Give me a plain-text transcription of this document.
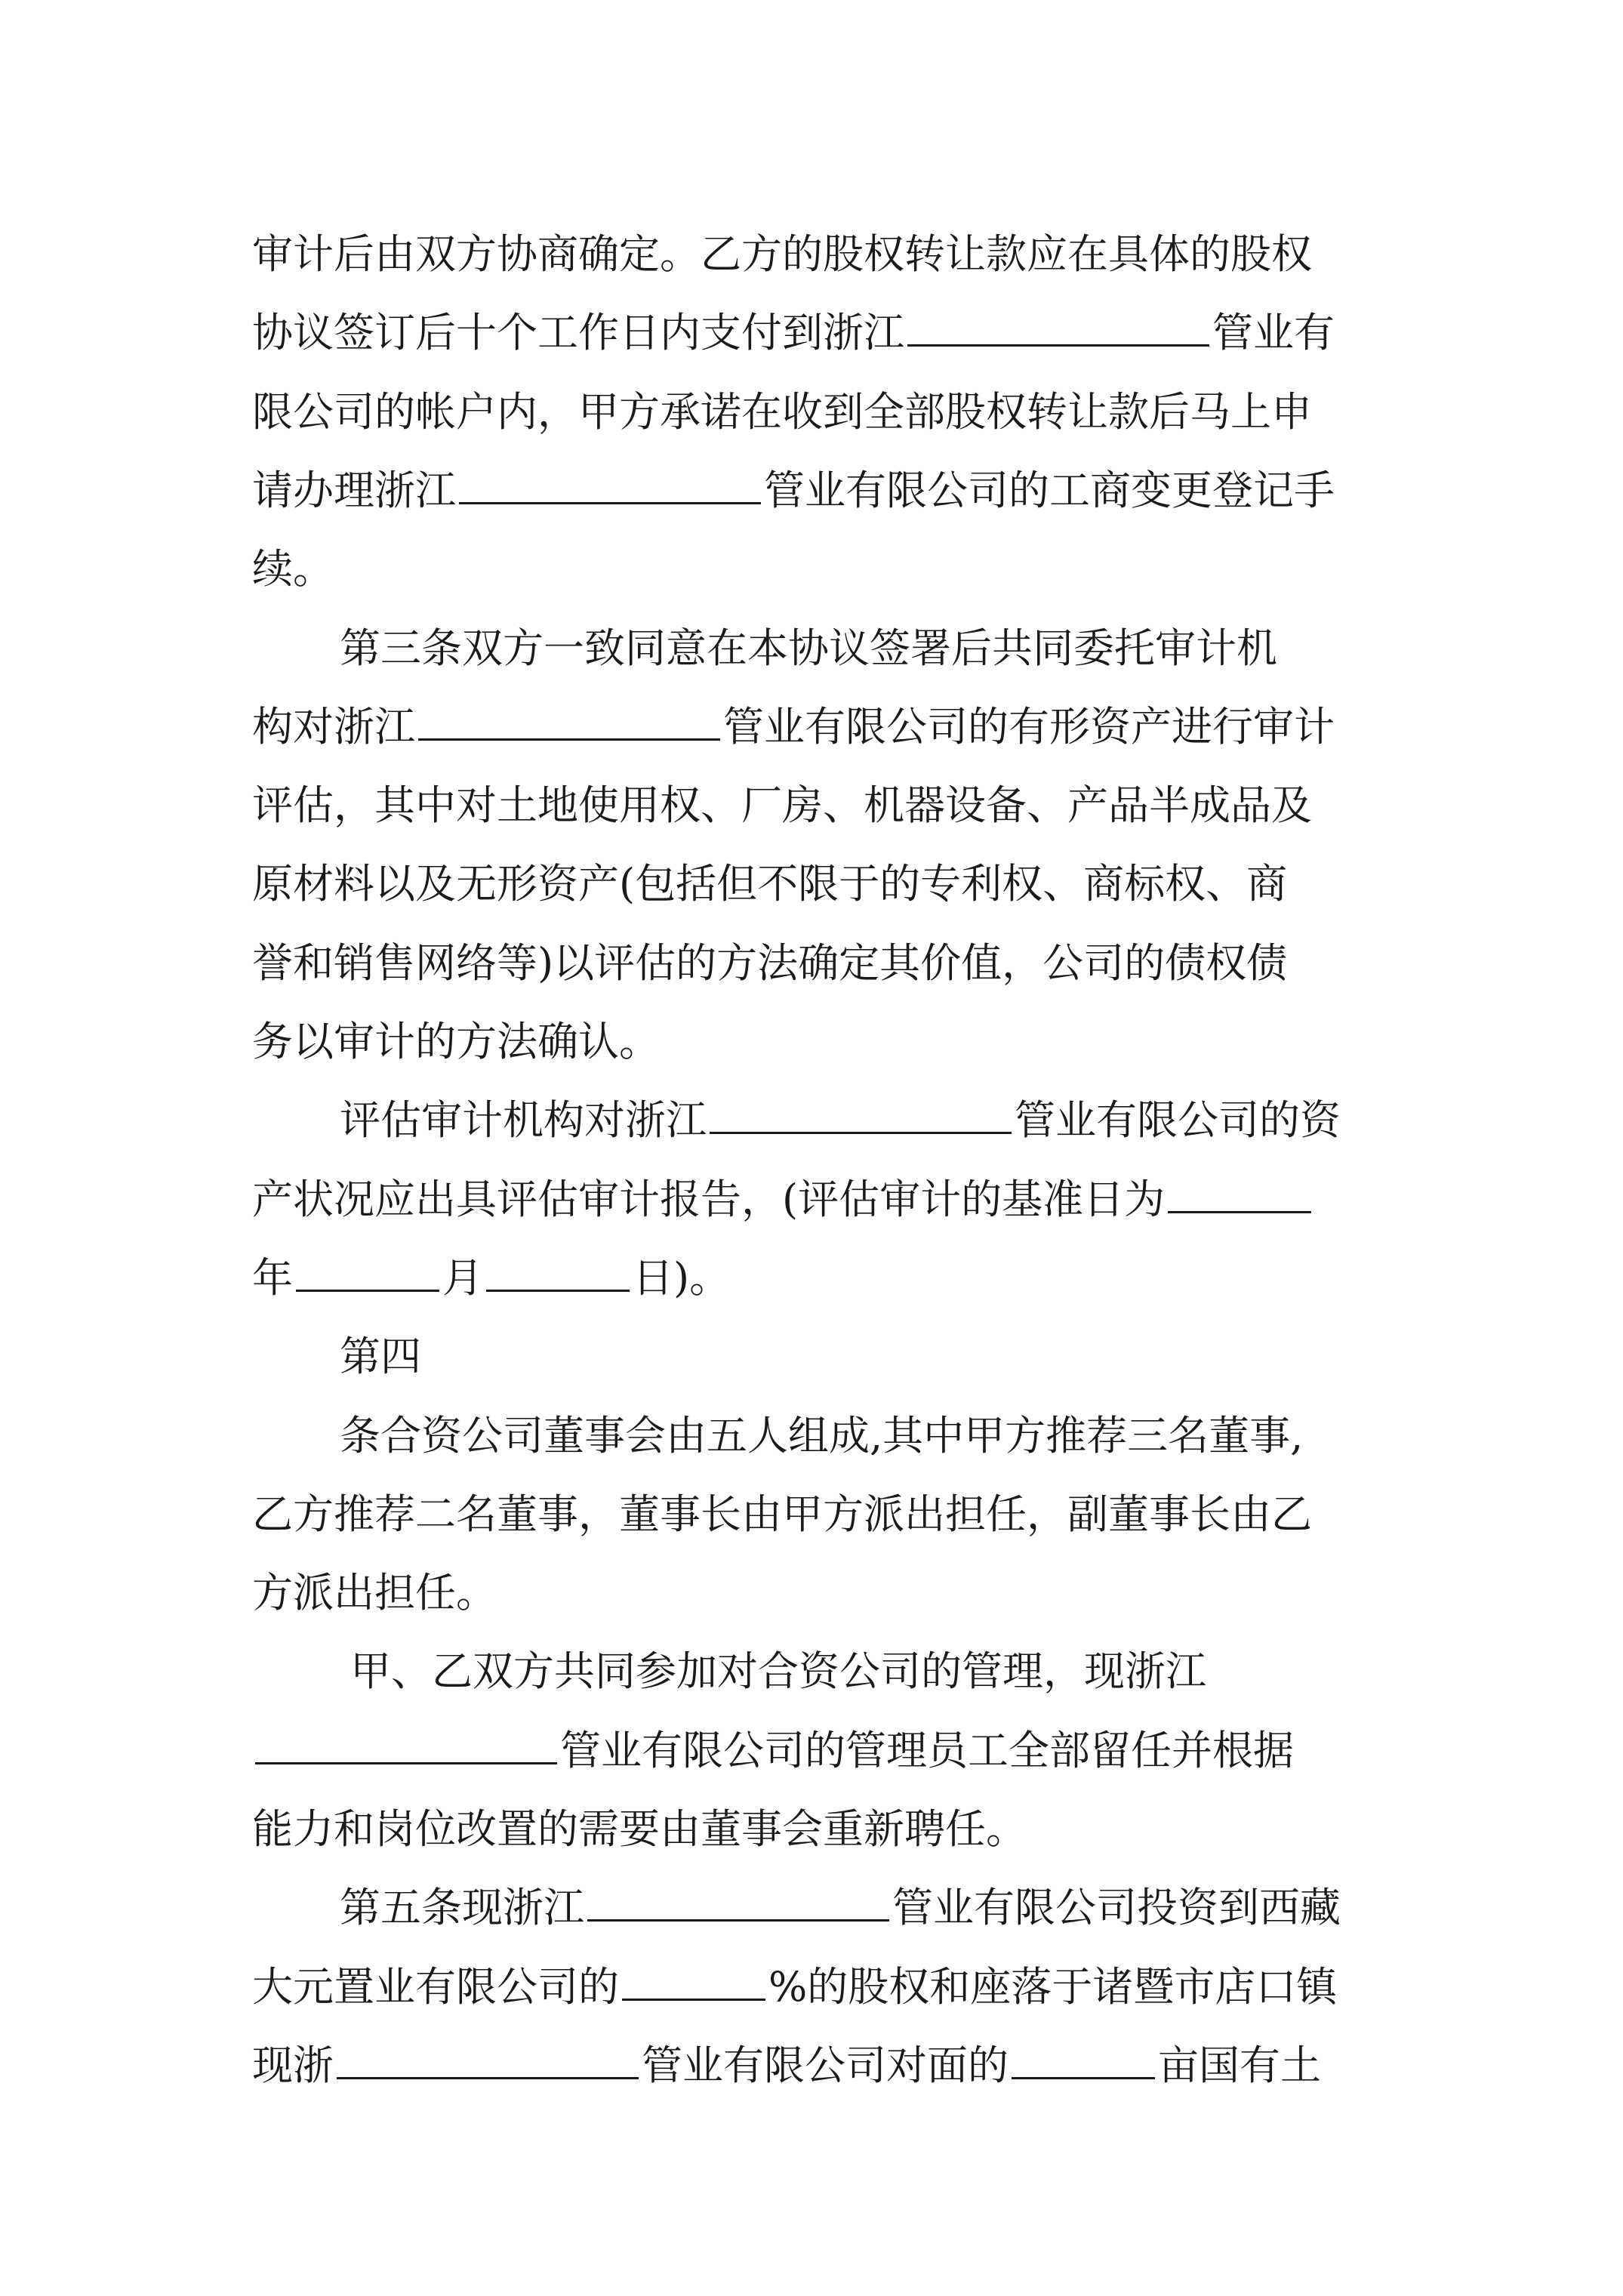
审计后由双方协商确定。乙方的股权转让款应在具体的股权
协议签订后十个工作日内支付到浙江	管业有
限公司的帐户内，甲方承诺在收到全部股权转让款后马上申
请办理浙江	管业有限公司的工商变更登记手
续。
第三条双方一致同意在本协议签署后共同委托审计机
构对浙江	管业有限公司的有形资产进行审计
评估，其中对土地使用权、厂房、机器设备、产品半成品及
原材料以及无形资产(包括但不限于的专利权、商标权、商
誉和销售网络等)以评估的方法确定其价值，公司的债权债
务以审计的方法确认。
评估审计机构对浙江	管业有限公司的资
产状况应出具评估审计报告，(评估审计的基准日为
年	月	日)。
第四
条合资公司董事会由五人组成,其中甲方推荐三名董事,
乙方推荐二名董事，董事长由甲方派出担任，副董事长由乙
方派出担任。
甲、乙双方共同参加对合资公司的管理，现浙江
管业有限公司的管理员工全部留任并根据
能力和岗位改置的需要由董事会重新聘任。
第五条现浙江	管业有限公司投资到西藏
大元置业有限公司的	%的股权和座落于诸暨市店口镇
现浙	管业有限公司对面的	亩国有土
